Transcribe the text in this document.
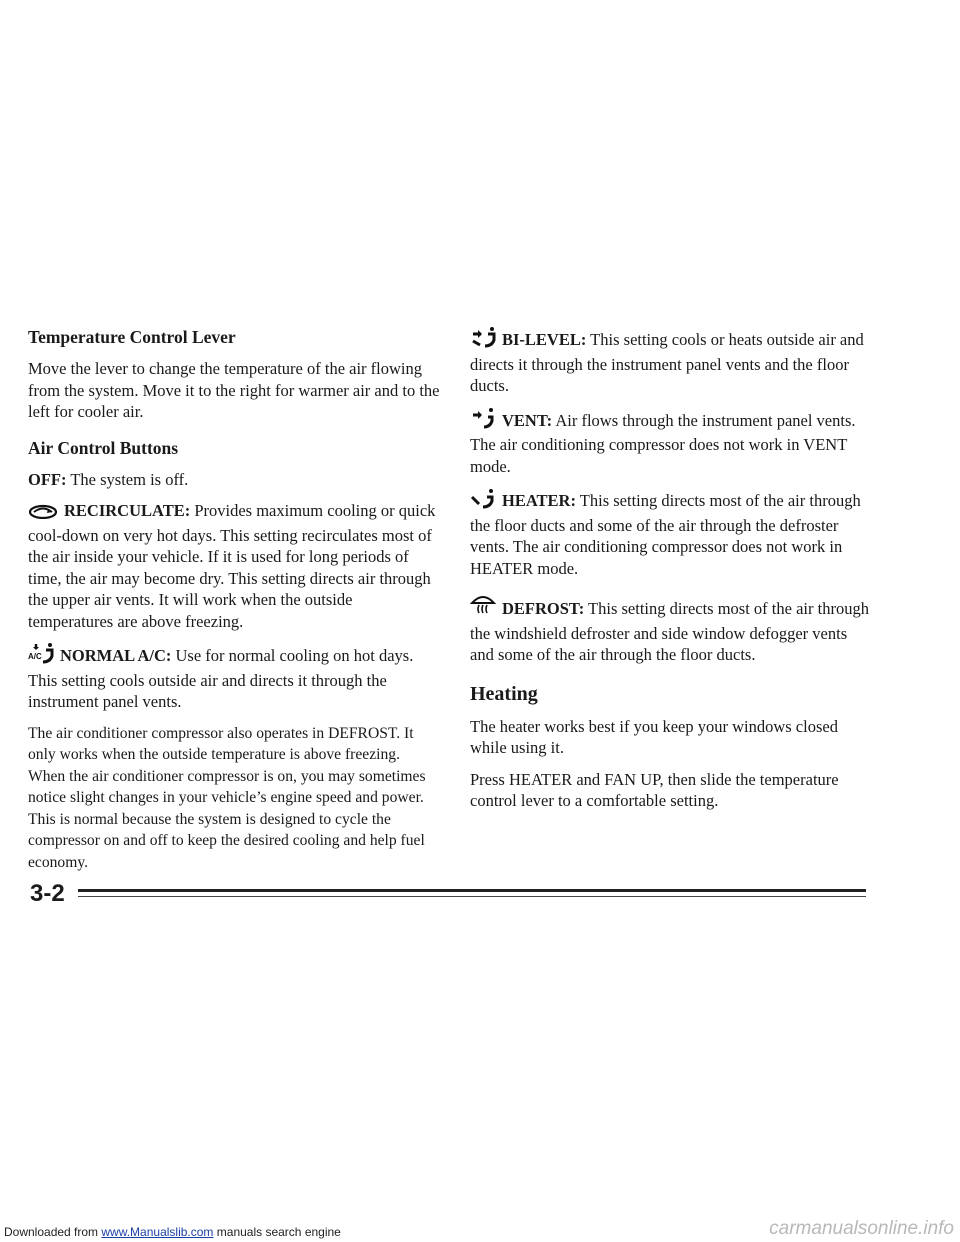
Temperature Control Lever

Move the lever to change the temperature of the air flowing from the system. Move it to the right for warmer air and to the left for cooler air.

Air Control Buttons

OFF: The system is off.

RECIRCULATE: Provides maximum cooling or quick cool-down on very hot days. This setting recirculates most of the air inside your vehicle. If it is used for long periods of time, the air may become dry. This setting directs air through the upper air vents. It will work when the outside temperatures are above freezing.

A/C NORMAL A/C: Use for normal cooling on hot days. This setting cools outside air and directs it through the instrument panel vents.

The air conditioner compressor also operates in DEFROST. It only works when the outside temperature is above freezing. When the air conditioner compressor is on, you may sometimes notice slight changes in your vehicle’s engine speed and power. This is normal because the system is designed to cycle the compressor on and off to keep the desired cooling and help fuel economy.

BI-LEVEL: This setting cools or heats outside air and directs it through the instrument panel vents and the floor ducts.

VENT: Air flows through the instrument panel vents. The air conditioning compressor does not work in VENT mode.

HEATER: This setting directs most of the air through the floor ducts and some of the air through the defroster vents. The air conditioning compressor does not work in HEATER mode.

DEFROST: This setting directs most of the air through the windshield defroster and side window defogger vents and some of the air through the floor ducts.

Heating

The heater works best if you keep your windows closed while using it.

Press HEATER and FAN UP, then slide the temperature control lever to a comfortable setting.

3-2
Downloaded from www.Manualslib.com manuals search engine	carmanualsonline.info
